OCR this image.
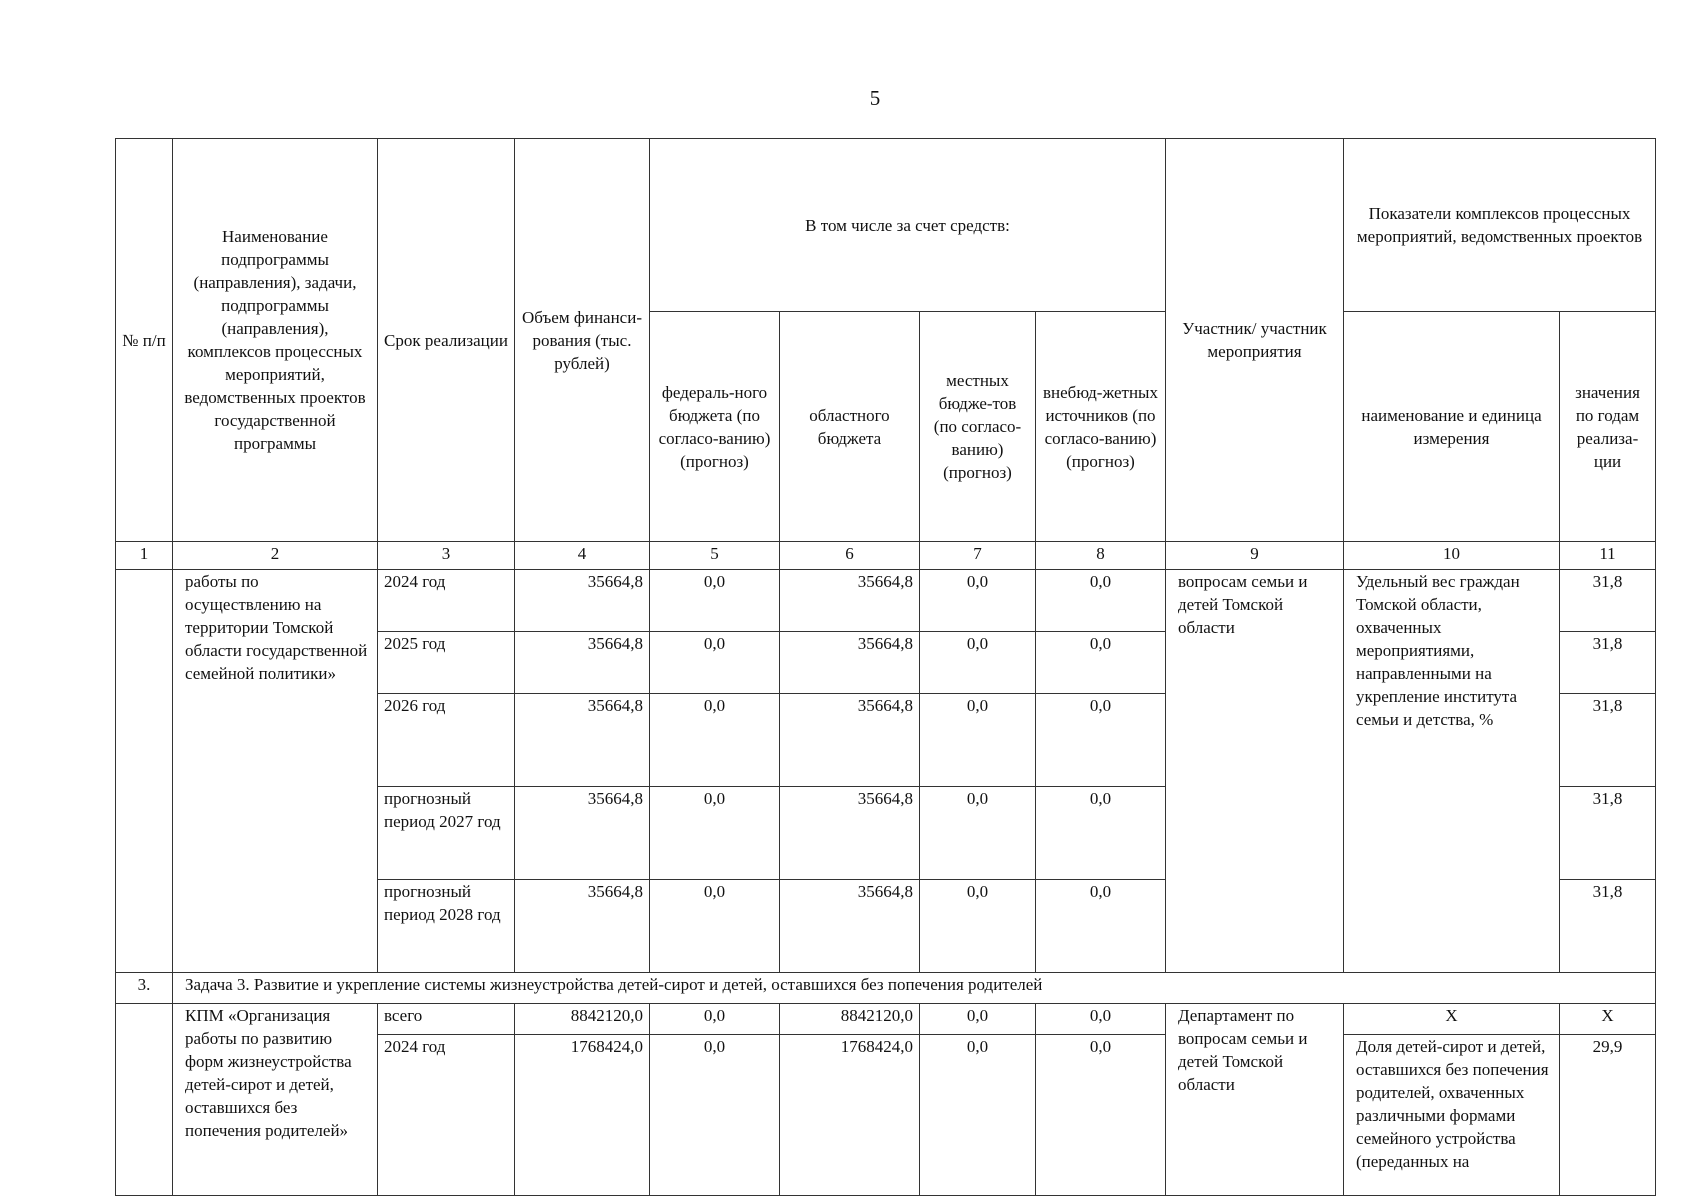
5
№ п/п	Наименование подпрограммы (направления), задачи, подпрограммы (направления), комплексов процессных мероприятий, ведомственных проектов государственной программы	Срок реализации	Объем финанси-рования (тыс. рублей)	В том числе за счет средств:				Участник/ участник мероприятия	Показатели комплексов процессных мероприятий, ведомственных проектов	
				федераль-ного бюджета (по согласо-ванию) (прогноз)	областного бюджета	местных бюдже-тов (по согласо-ванию) (прогноз)	внебюд-жетных источников (по согласо-ванию) (прогноз)		наименование и единица измерения	значения по годам реализа-ции
1	2	3	4	5	6	7	8	9	10	11
	работы по осуществлению на территории Томской области государственной семейной политики»	2024 год	35664,8	0,0	35664,8	0,0	0,0	вопросам семьи и детей Томской области	Удельный вес граждан Томской области, охваченных мероприятиями, направленными на укрепление института семьи и детства, %	31,8
		2025 год	35664,8	0,0	35664,8	0,0	0,0			31,8
		2026 год	35664,8	0,0	35664,8	0,0	0,0			31,8
		прогнозный период 2027 год	35664,8	0,0	35664,8	0,0	0,0			31,8
		прогнозный период 2028 год	35664,8	0,0	35664,8	0,0	0,0			31,8
3.	Задача 3. Развитие и укрепление системы жизнеустройства детей-сирот и детей, оставшихся без попечения родителей									
	КПМ «Организация работы по развитию форм жизнеустройства детей-сирот и детей, оставшихся без попечения родителей»	всего	8842120,0	0,0	8842120,0	0,0	0,0	Департамент по вопросам семьи и детей Томской области	Х	Х
		2024 год	1768424,0	0,0	1768424,0	0,0	0,0		Доля детей-сирот и детей, оставшихся без попечения родителей, охваченных различными формами семейного устройства (переданных на	29,9
